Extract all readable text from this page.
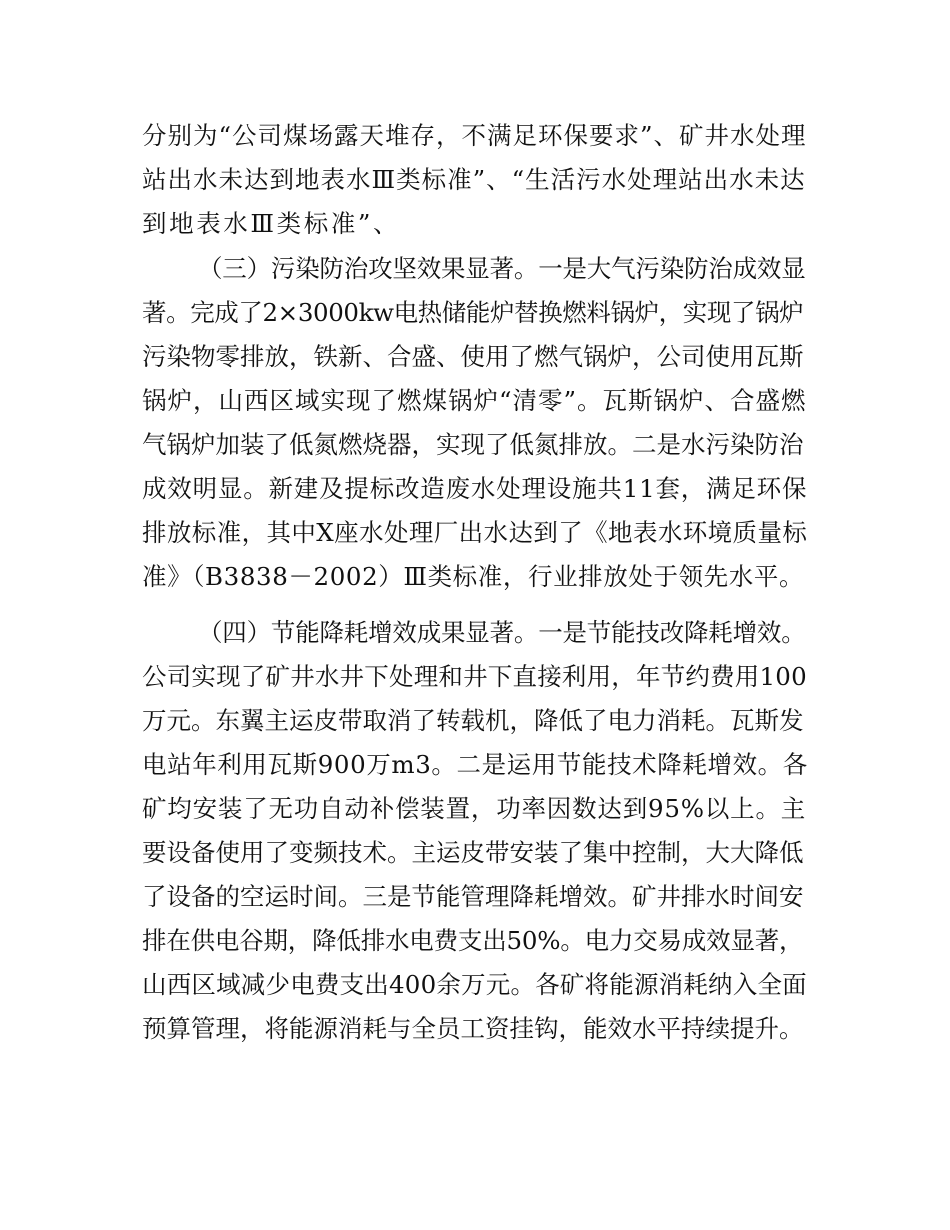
分别为“公司煤场露天堆存，不满足环保要求”、矿井水处理
站出水未达到地表水Ⅲ类标准”、“生活污水处理站出水未达
到地表水Ⅲ类标准”、
（三）污染防治攻坚效果显著。一是大气污染防治成效显
著。完成了2×3000kw电热储能炉替换燃料锅炉，实现了锅炉
污染物零排放，铁新、合盛、使用了燃气锅炉，公司使用瓦斯
锅炉，山西区域实现了燃煤锅炉“清零”。瓦斯锅炉、合盛燃
气锅炉加装了低氮燃烧器，实现了低氮排放。二是水污染防治
成效明显。新建及提标改造废水处理设施共11套，满足环保
排放标准，其中X座水处理厂出水达到了《地表水环境质量标
准》（B3838－2002）Ⅲ类标准，行业排放处于领先水平。
（四）节能降耗增效成果显著。一是节能技改降耗增效。
公司实现了矿井水井下处理和井下直接利用，年节约费用100
万元。东翼主运皮带取消了转载机，降低了电力消耗。瓦斯发
电站年利用瓦斯900万m3。二是运用节能技术降耗增效。各
矿均安装了无功自动补偿装置，功率因数达到95%以上。主
要设备使用了变频技术。主运皮带安装了集中控制，大大降低
了设备的空运时间。三是节能管理降耗增效。矿井排水时间安
排在供电谷期，降低排水电费支出50%。电力交易成效显著，
山西区域减少电费支出400余万元。各矿将能源消耗纳入全面
预算管理，将能源消耗与全员工资挂钩，能效水平持续提升。
